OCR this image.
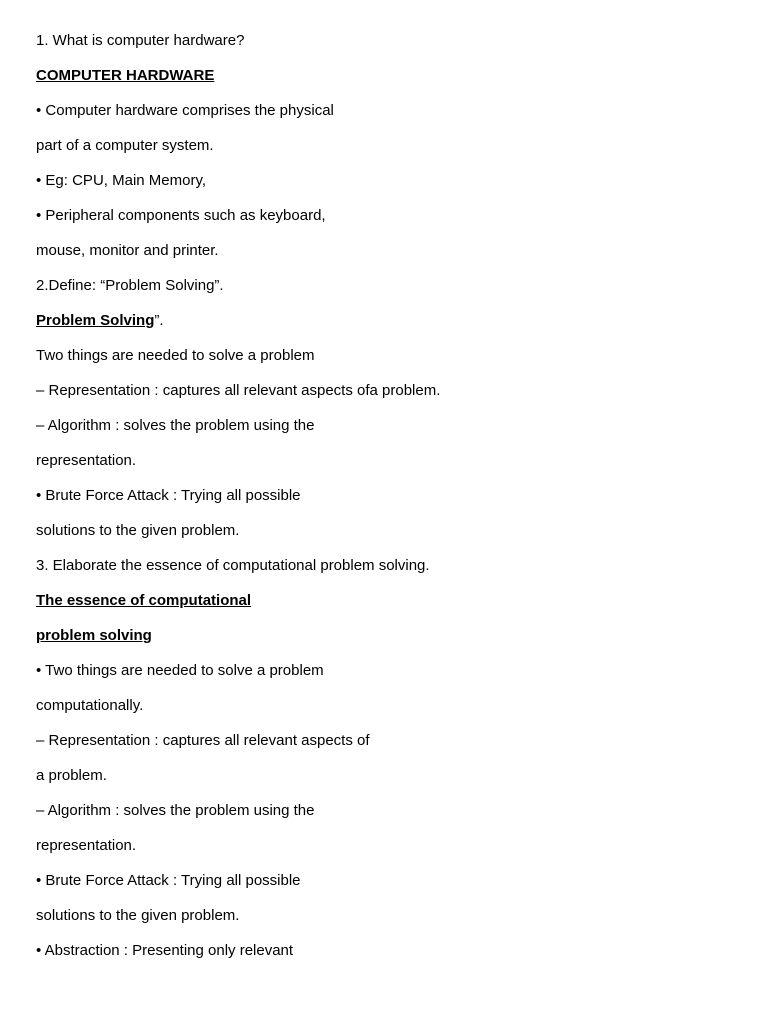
1. What is computer hardware?
COMPUTER HARDWARE
• Computer hardware comprises the physical
part of a computer system.
• Eg: CPU, Main Memory,
• Peripheral components such as keyboard,
mouse, monitor and printer.
2.Define: “Problem Solving”.
Problem Solving”.
Two things are needed to solve a problem
– Representation : captures all relevant aspects ofa problem.
– Algorithm : solves the problem using the
representation.
• Brute Force Attack : Trying all possible
solutions to the given problem.
3. Elaborate the essence of computational problem solving.
The essence of computational
problem solving
• Two things are needed to solve a problem
computationally.
– Representation : captures all relevant aspects of
a problem.
– Algorithm : solves the problem using the
representation.
• Brute Force Attack : Trying all possible
solutions to the given problem.
• Abstraction : Presenting only relevant
